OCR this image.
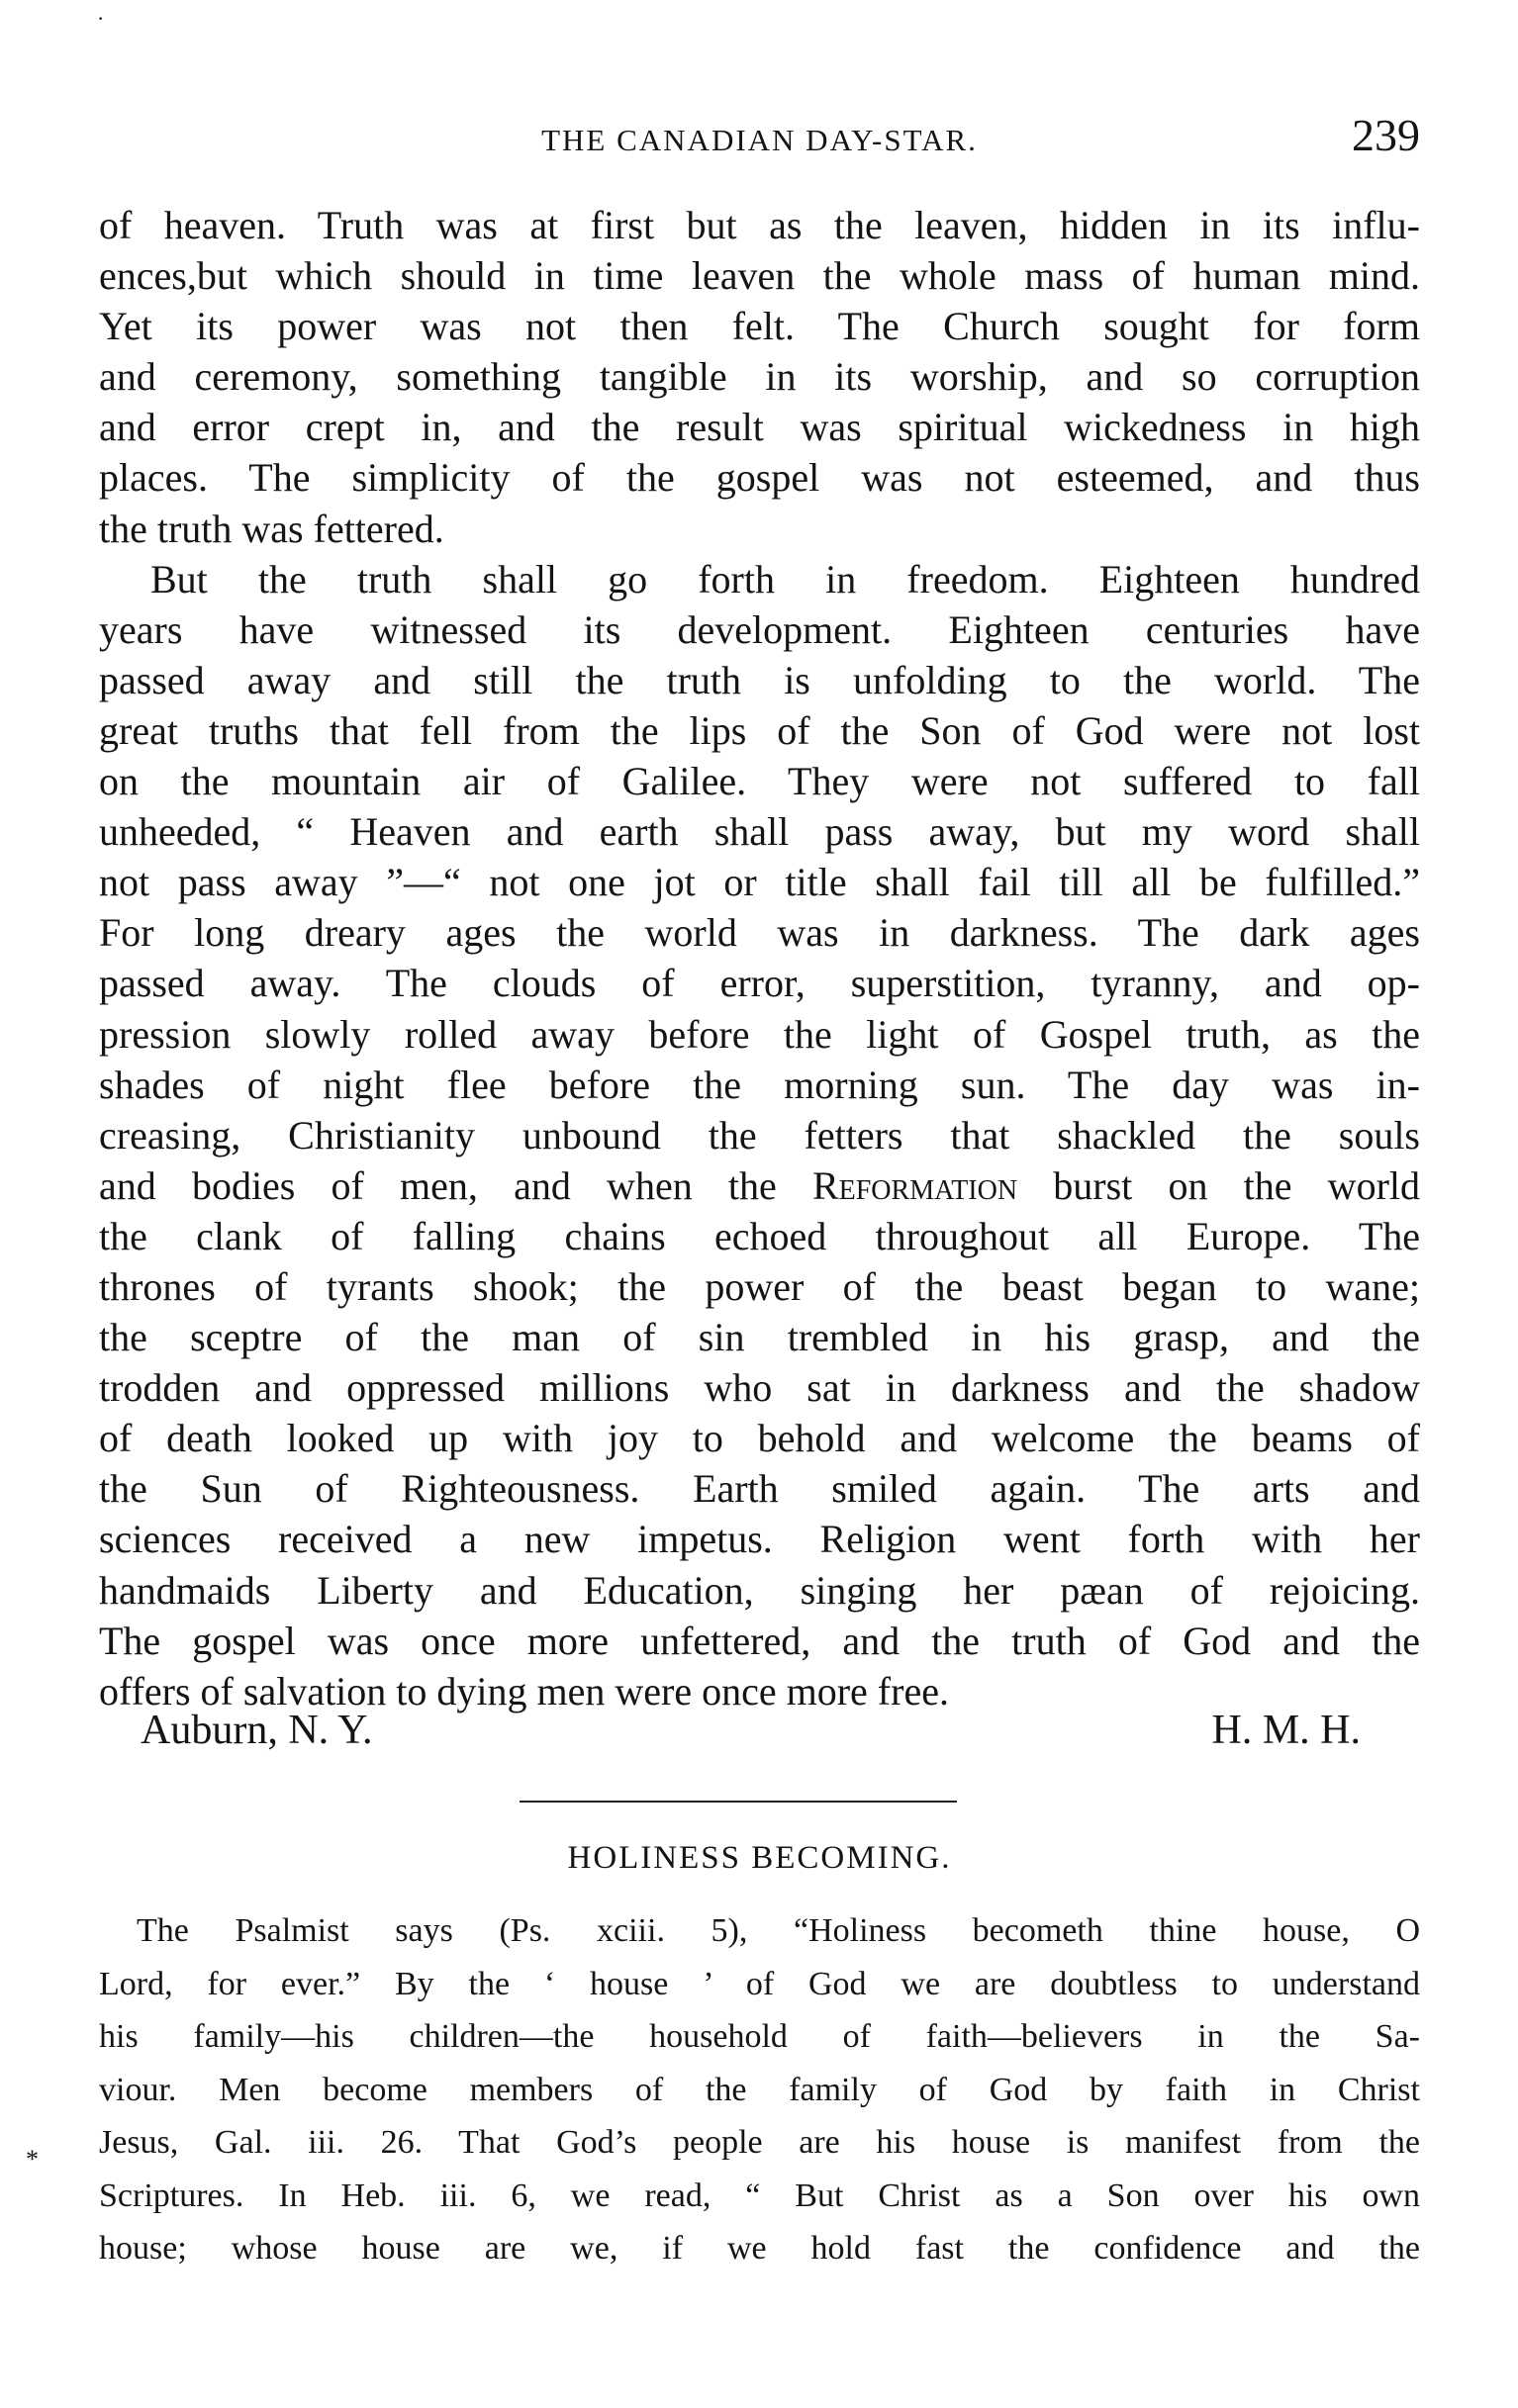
·
THE CANADIAN DAY-STAR.	239
of heaven. Truth was at first but as the leaven, hidden in its influ-
ences,but which should in time leaven the whole mass of human mind.
Yet its power was not then felt. The Church sought for form
and ceremony, something tangible in its worship, and so corruption
and error crept in, and the result was spiritual wickedness in high
places. The simplicity of the gospel was not esteemed, and thus
the truth was fettered.
But the truth shall go forth in freedom. Eighteen hundred
years have witnessed its development. Eighteen centuries have
passed away and still the truth is unfolding to the world. The
great truths that fell from the lips of the Son of God were not lost
on the mountain air of Galilee. They were not suffered to fall
unheeded, “ Heaven and earth shall pass away, but my word shall
not pass away ”—“ not one jot or title shall fail till all be fulfilled.”
For long dreary ages the world was in darkness. The dark ages
passed away. The clouds of error, superstition, tyranny, and op-
pression slowly rolled away before the light of Gospel truth, as the
shades of night flee before the morning sun. The day was in-
creasing, Christianity unbound the fetters that shackled the souls
and bodies of men, and when the Reformation burst on the world
the clank of falling chains echoed throughout all Europe. The
thrones of tyrants shook; the power of the beast began to wane;
the sceptre of the man of sin trembled in his grasp, and the
trodden and oppressed millions who sat in darkness and the shadow
of death looked up with joy to behold and welcome the beams of
the Sun of Righteousness. Earth smiled again. The arts and
sciences received a new impetus. Religion went forth with her
handmaids Liberty and Education, singing her pæan of rejoicing.
The gospel was once more unfettered, and the truth of God and the
offers of salvation to dying men were once more free.
Auburn, N. Y.	H. M. H.
HOLINESS BECOMING.
The Psalmist says (Ps. xciii. 5), “Holiness becometh thine house, O
Lord, for ever.” By the ‘ house ’ of God we are doubtless to understand
his family—his children—the household of faith—believers in the Sa-
viour. Men become members of the family of God by faith in Christ
Jesus, Gal. iii. 26. That God’s people are his house is manifest from the
Scriptures. In Heb. iii. 6, we read, “ But Christ as a Son over his own
house; whose house are we, if we hold fast the confidence and the
*
